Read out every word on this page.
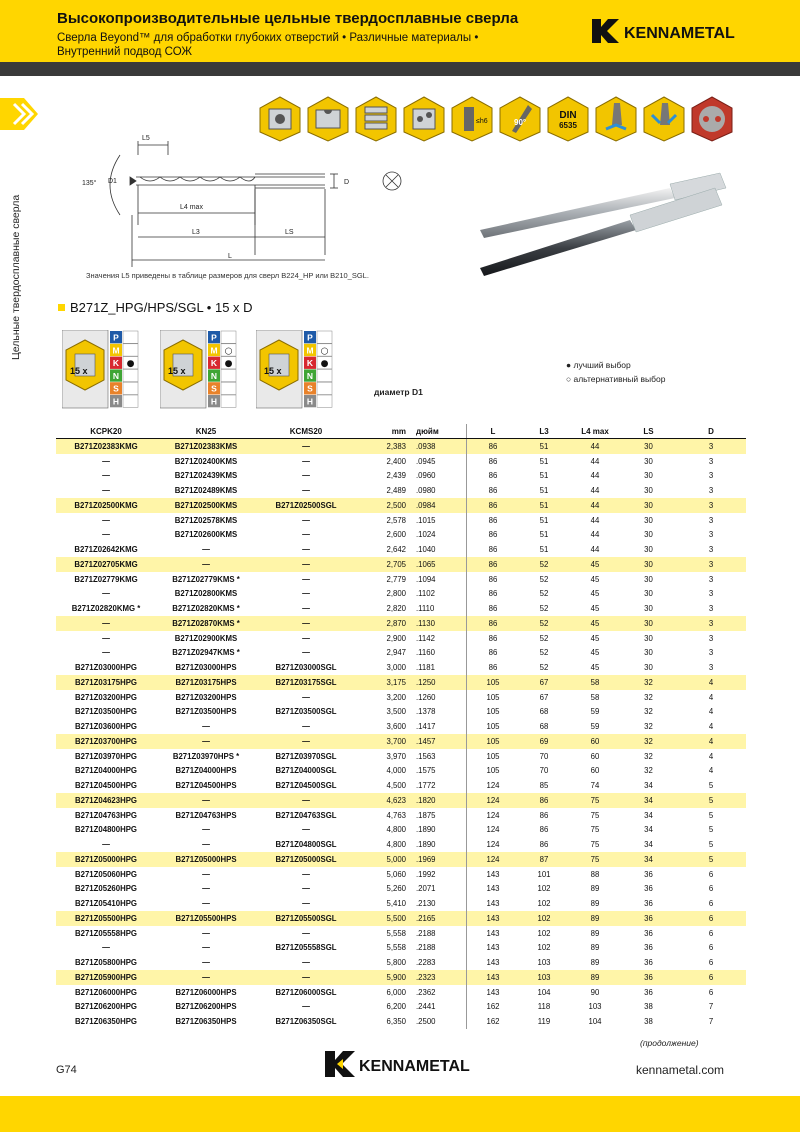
Высокопроизводительные цельные твердосплавные сверла
Сверла Beyond™ для обработки глубоких отверстий • Различные материалы •
Внутренний подвод СОЖ
KENNAMETAL
Цельные твердосплавные сверла
≤h6	90°
DIN
6535
L5
135° D1	D
L4 max
L3	LS
L
Значения L5 приведены в таблице размеров для сверл B224_HP или B210_SGL.
B271Z_HPG/HPS/SGL • 15 x D
15 x
P
M
K ●
N
S
H
15 x
P
M ○
K ●
N
S
H
15 x
P
M ○
K ●
N
S
H
● лучший выбор
○ альтернативный выбор
диаметр D1
KCPK20	KN25	KCMS20	mm	дюйм	L	L3	L4 max	LS	D
B271Z02383KMG	B271Z02383KMS	—	2,383	.0938	86	51	44	30	3
—	B271Z02400KMS	—	2,400	.0945	86	51	44	30	3
—	B271Z02439KMS	—	2,439	.0960	86	51	44	30	3
—	B271Z02489KMS	—	2,489	.0980	86	51	44	30	3
B271Z02500KMG	B271Z02500KMS	B271Z02500SGL	2,500	.0984	86	51	44	30	3
—	B271Z02578KMS	—	2,578	.1015	86	51	44	30	3
—	B271Z02600KMS	—	2,600	.1024	86	51	44	30	3
B271Z02642KMG	—	—	2,642	.1040	86	51	44	30	3
B271Z02705KMG	—	—	2,705	.1065	86	52	45	30	3
B271Z02779KMG	B271Z02779KMS *	—	2,779	.1094	86	52	45	30	3
—	B271Z02800KMS	—	2,800	.1102	86	52	45	30	3
B271Z02820KMG *	B271Z02820KMS *	—	2,820	.1110	86	52	45	30	3
—	B271Z02870KMS *	—	2,870	.1130	86	52	45	30	3
—	B271Z02900KMS	—	2,900	.1142	86	52	45	30	3
—	B271Z02947KMS *	—	2,947	.1160	86	52	45	30	3
B271Z03000HPG	B271Z03000HPS	B271Z03000SGL	3,000	.1181	86	52	45	30	3
B271Z03175HPG	B271Z03175HPS	B271Z03175SGL	3,175	.1250	105	67	58	32	4
B271Z03200HPG	B271Z03200HPS	—	3,200	.1260	105	67	58	32	4
B271Z03500HPG	B271Z03500HPS	B271Z03500SGL	3,500	.1378	105	68	59	32	4
B271Z03600HPG	—	—	3,600	.1417	105	68	59	32	4
B271Z03700HPG	—	—	3,700	.1457	105	69	60	32	4
B271Z03970HPG	B271Z03970HPS *	B271Z03970SGL	3,970	.1563	105	70	60	32	4
B271Z04000HPG	B271Z04000HPS	B271Z04000SGL	4,000	.1575	105	70	60	32	4
B271Z04500HPG	B271Z04500HPS	B271Z04500SGL	4,500	.1772	124	85	74	34	5
B271Z04623HPG	—	—	4,623	.1820	124	86	75	34	5
B271Z04763HPG	B271Z04763HPS	B271Z04763SGL	4,763	.1875	124	86	75	34	5
B271Z04800HPG	—	—	4,800	.1890	124	86	75	34	5
—	—	B271Z04800SGL	4,800	.1890	124	86	75	34	5
B271Z05000HPG	B271Z05000HPS	B271Z05000SGL	5,000	.1969	124	87	75	34	5
B271Z05060HPG	—	—	5,060	.1992	143	101	88	36	6
B271Z05260HPG	—	—	5,260	.2071	143	102	89	36	6
B271Z05410HPG	—	—	5,410	.2130	143	102	89	36	6
B271Z05500HPG	B271Z05500HPS	B271Z05500SGL	5,500	.2165	143	102	89	36	6
B271Z05558HPG	—	—	5,558	.2188	143	102	89	36	6
—	—	B271Z05558SGL	5,558	.2188	143	102	89	36	6
B271Z05800HPG	—	—	5,800	.2283	143	103	89	36	6
B271Z05900HPG	—	—	5,900	.2323	143	103	89	36	6
B271Z06000HPG	B271Z06000HPS	B271Z06000SGL	6,000	.2362	143	104	90	36	6
B271Z06200HPG	B271Z06200HPS	—	6,200	.2441	162	118	103	38	7
B271Z06350HPG	B271Z06350HPS	B271Z06350SGL	6,350	.2500	162	119	104	38	7
(продолжение)
G74	KENNAMETAL	kennametal.com
